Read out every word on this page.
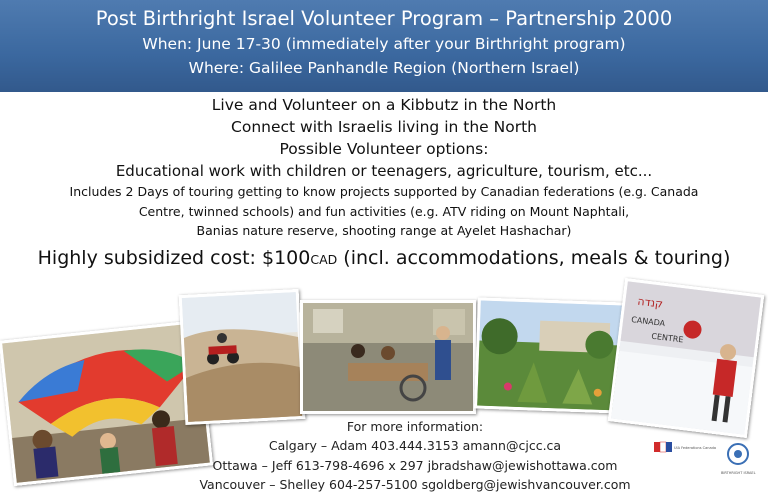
Post Birthright Israel Volunteer Program – Partnership 2000
When: June 17-30 (immediately after your Birthright program)
Where: Galilee Panhandle Region (Northern Israel)
Live and Volunteer on a Kibbutz in the North
Connect with Israelis living in the North
Possible Volunteer options:
Educational work with children or teenagers, agriculture, tourism, etc...
Includes 2 Days of touring getting to know projects supported by Canadian federations (e.g. Canada
Centre, twinned schools) and fun activities (e.g. ATV riding on Mount Naphtali,
Banias nature reserve, shooting range at Ayelet Hashachar)
Highly subsidized cost: $100CAD (incl. accommodations, meals & touring)
קנדה
CANADA
CENTRE
For more information:
Calgary – Adam 403.444.3153 amann@cjcc.ca
Ottawa – Jeff 613-798-4696 x 297 jbradshaw@jewishottawa.com
Vancouver – Shelley 604-257-5100 sgoldberg@jewishvancouver.com
UIA Federations Canada
BIRTHRIGHT ISRAEL
